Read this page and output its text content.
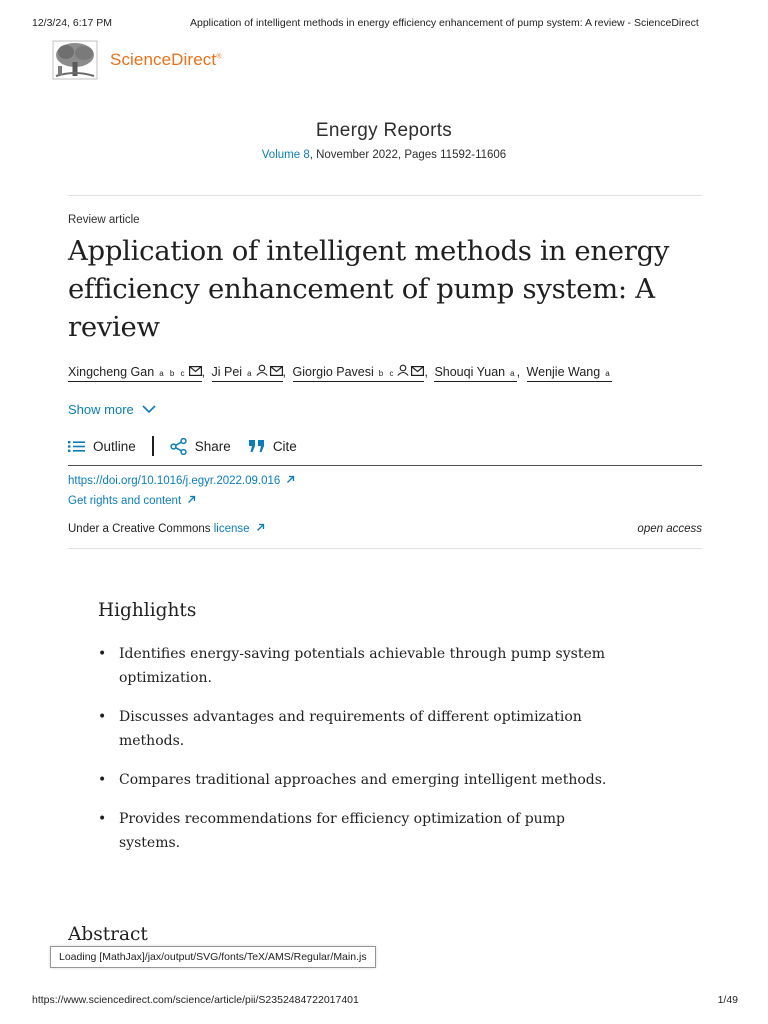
12/3/24, 6:17 PM	Application of intelligent methods in energy efficiency enhancement of pump system: A review - ScienceDirect
ScienceDirect®
Energy Reports
Volume 8, November 2022, Pages 11592-11606
Review article
Application of intelligent methods in energy efficiency enhancement of pump system: A review
Xingcheng Gan a b c , Ji Pei a , Giorgio Pavesi b c , Shouqi Yuan a , Wenjie Wang a
Show more
Outline	Share	Cite
https://doi.org/10.1016/j.egyr.2022.09.016
Get rights and content
Under a Creative Commons license	open access
Highlights
• Identifies energy-saving potentials achievable through pump system optimization.
• Discusses advantages and requirements of different optimization methods.
• Compares traditional approaches and emerging intelligent methods.
• Provides recommendations for efficiency optimization of pump systems.
Abstract
Loading [MathJax]/jax/output/SVG/fonts/TeX/AMS/Regular/Main.js
https://www.sciencedirect.com/science/article/pii/S2352484722017401	1/49
